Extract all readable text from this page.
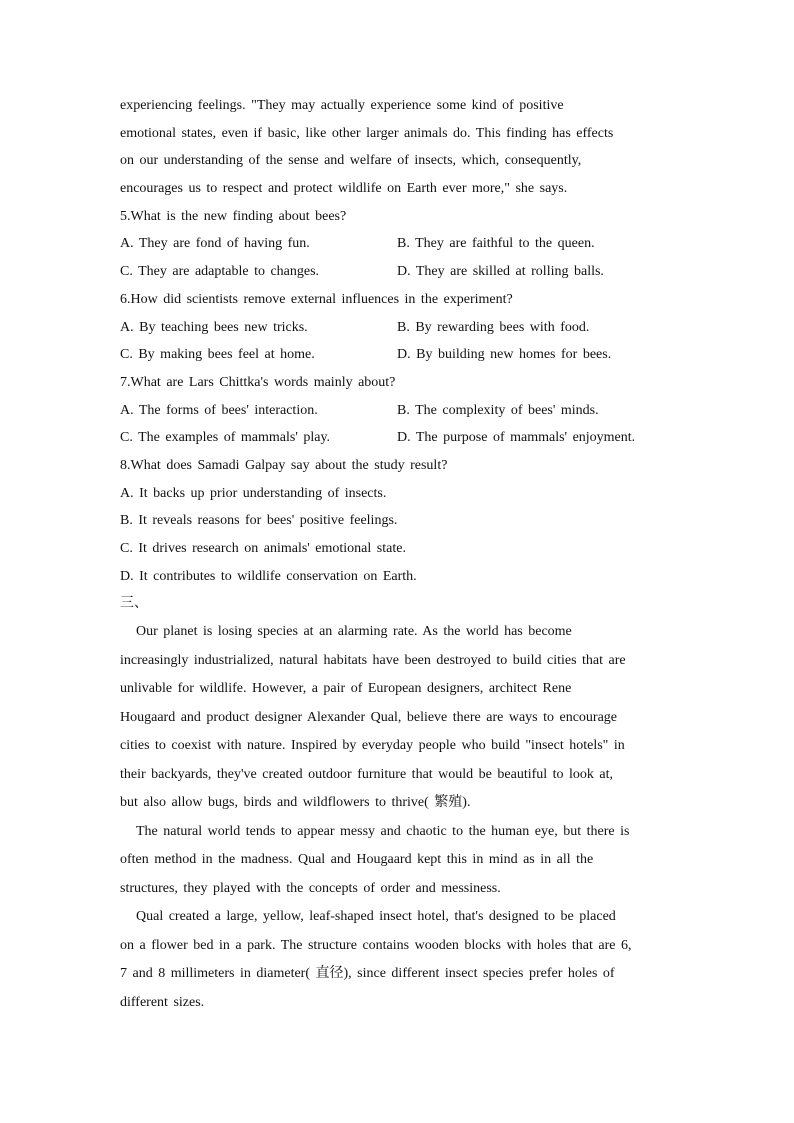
experiencing feelings. "They may actually experience some kind of positive
emotional states, even if basic, like other larger animals do. This finding has effects
on our understanding of the sense and welfare of insects, which, consequently,
encourages us to respect and protect wildlife on Earth ever more," she says.
5.What is the new finding about bees?
A. They are fond of having fun.	B. They are faithful to the queen.
C. They are adaptable to changes.	D. They are skilled at rolling balls.
6.How did scientists remove external influences in the experiment?
A. By teaching bees new tricks.	B. By rewarding bees with food.
C. By making bees feel at home.	D. By building new homes for bees.
7.What are Lars Chittka's words mainly about?
A. The forms of bees' interaction.	B. The complexity of bees' minds.
C. The examples of mammals' play.	D. The purpose of mammals' enjoyment.
8.What does Samadi Galpay say about the study result?
A. It backs up prior understanding of insects.
B. It reveals reasons for bees' positive feelings.
C. It drives research on animals' emotional state.
D. It contributes to wildlife conservation on Earth.
三、
Our planet is losing species at an alarming rate. As the world has become
increasingly industrialized, natural habitats have been destroyed to build cities that are
unlivable for wildlife. However, a pair of European designers, architect Rene
Hougaard and product designer Alexander Qual, believe there are ways to encourage
cities to coexist with nature. Inspired by everyday people who build "insect hotels" in
their backyards, they've created outdoor furniture that would be beautiful to look at,
but also allow bugs, birds and wildflowers to thrive( 繁殖).
The natural world tends to appear messy and chaotic to the human eye, but there is
often method in the madness. Qual and Hougaard kept this in mind as in all the
structures, they played with the concepts of order and messiness.
Qual created a large, yellow, leaf-shaped insect hotel, that's designed to be placed
on a flower bed in a park. The structure contains wooden blocks with holes that are 6,
7 and 8 millimeters in diameter( 直径), since different insect species prefer holes of
different sizes.
